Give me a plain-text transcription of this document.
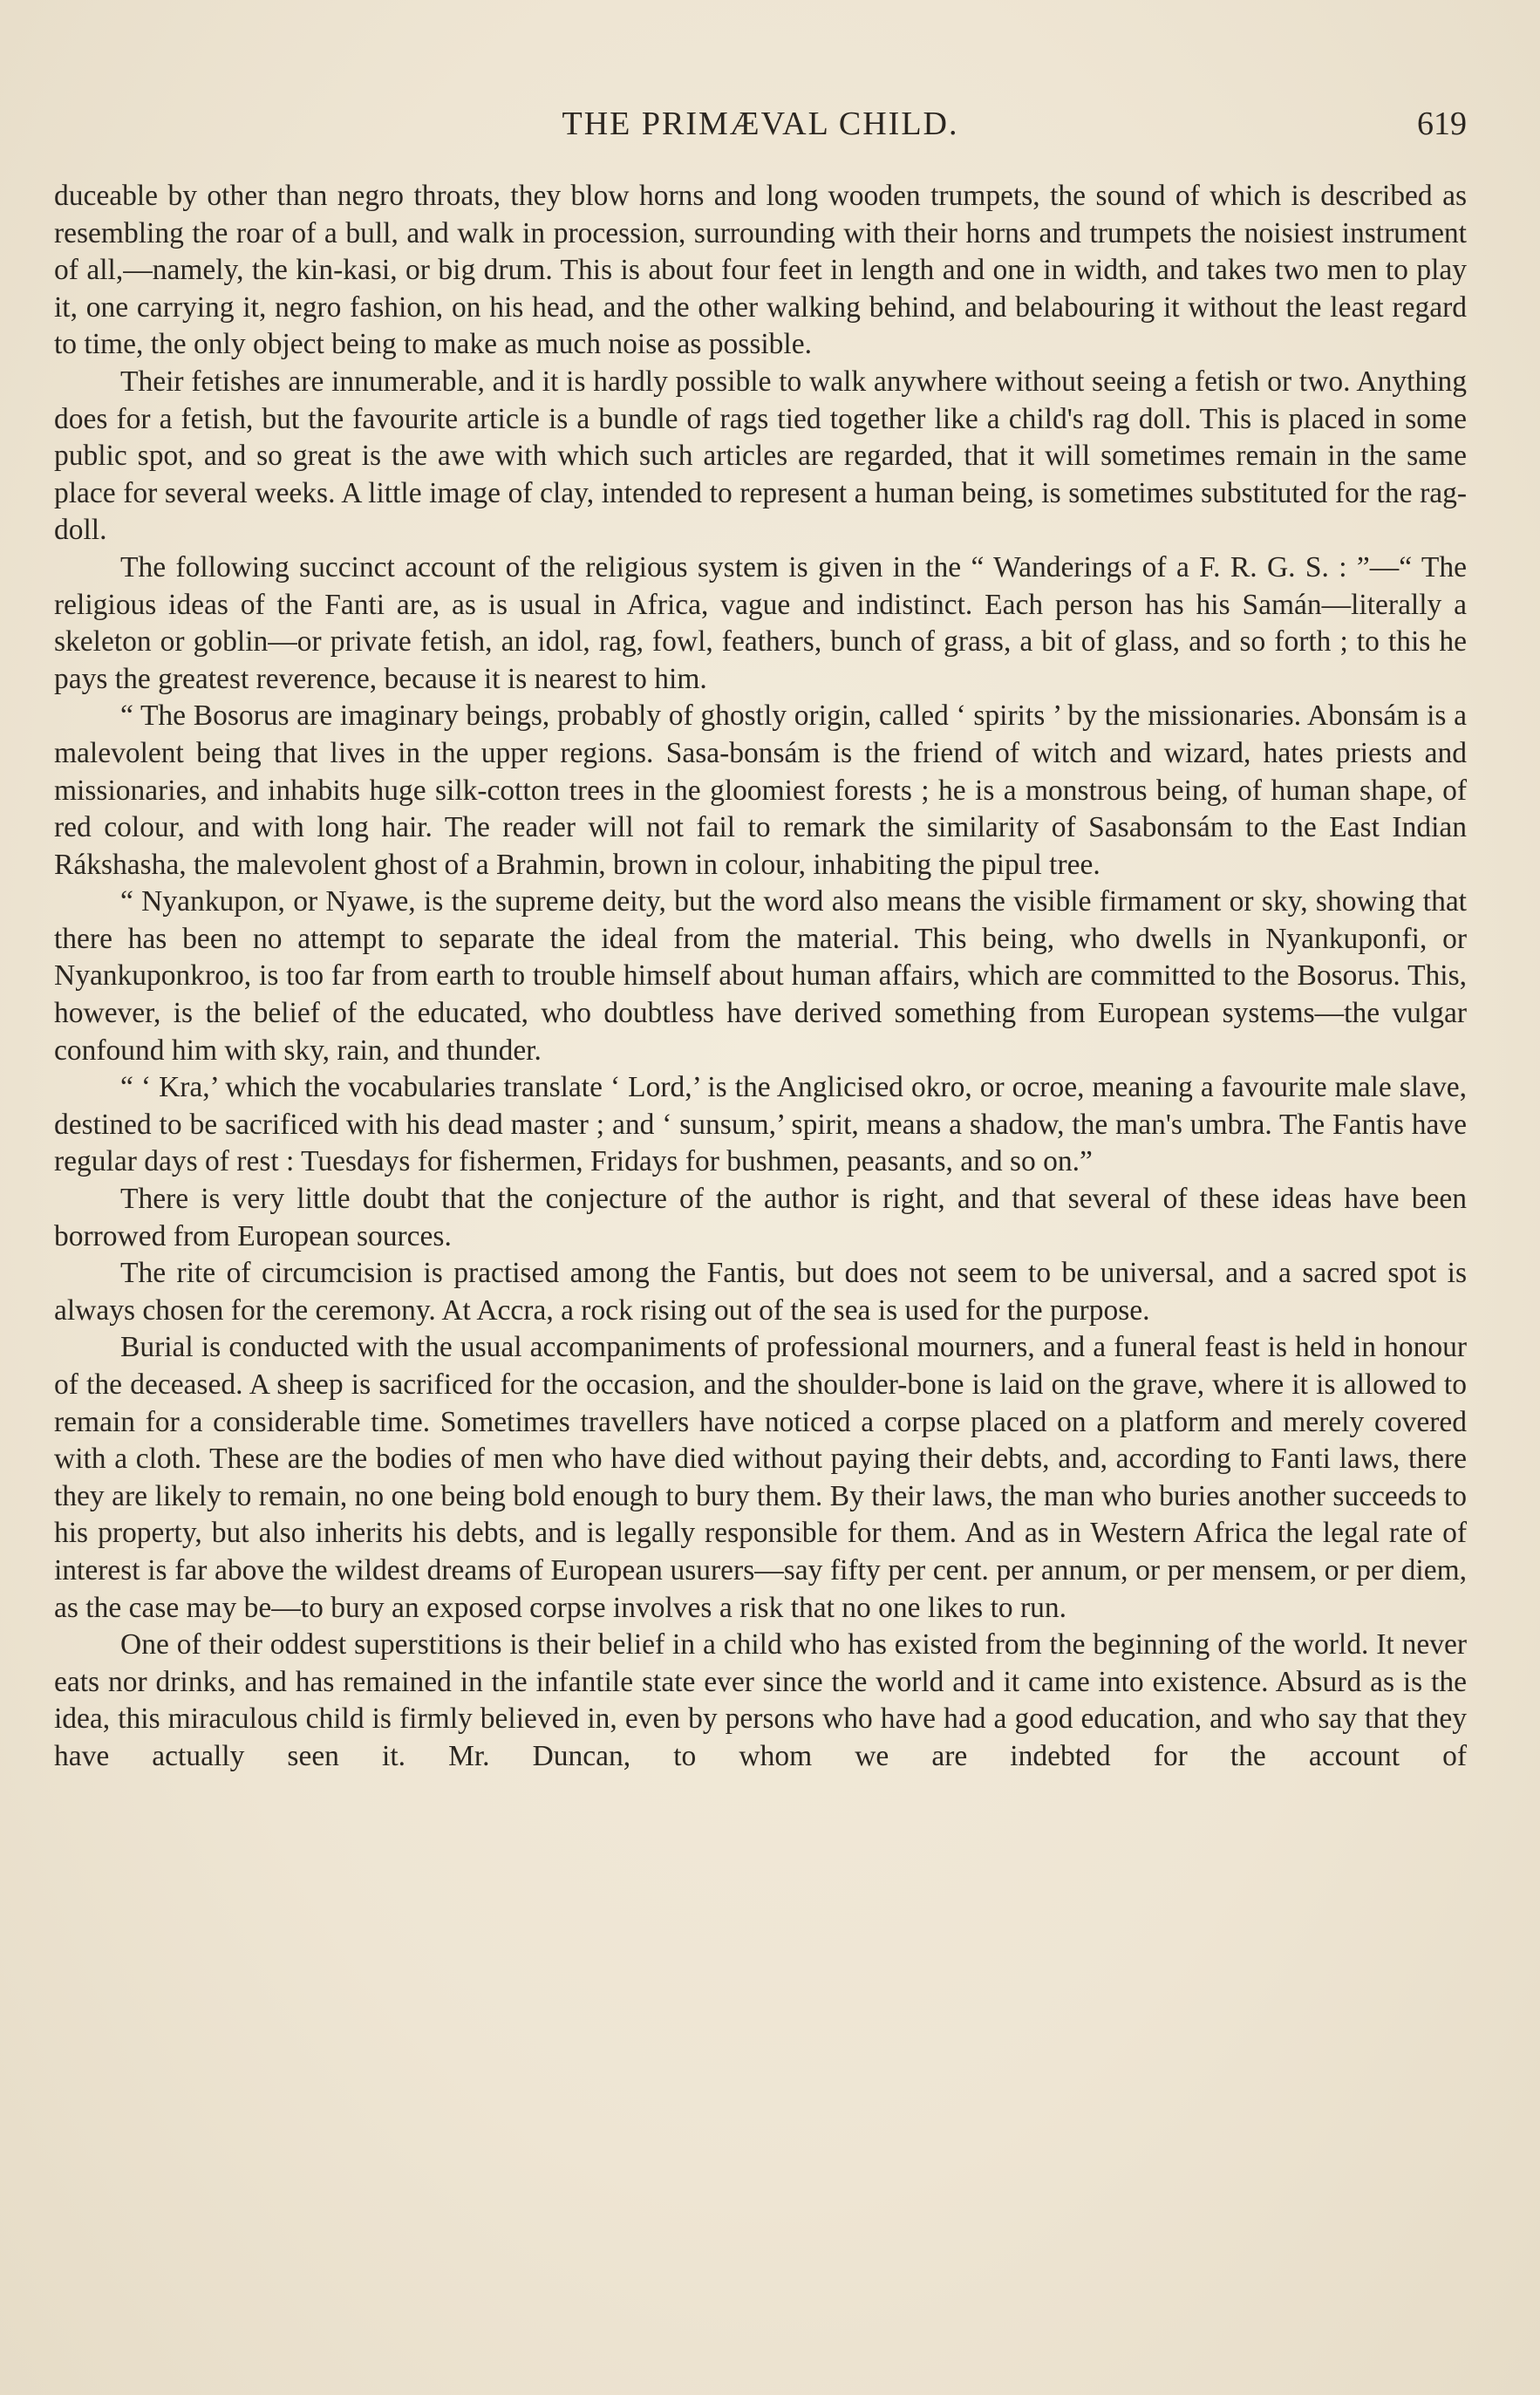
THE PRIMÆVAL CHILD.	619

duceable by other than negro throats, they blow horns and long wooden trumpets, the sound of which is described as resembling the roar of a bull, and walk in procession, surrounding with their horns and trumpets the noisiest instrument of all,—namely, the kin-kasi, or big drum. This is about four feet in length and one in width, and takes two men to play it, one carrying it, negro fashion, on his head, and the other walking behind, and belabouring it without the least regard to time, the only object being to make as much noise as possible.

Their fetishes are innumerable, and it is hardly possible to walk anywhere without seeing a fetish or two. Anything does for a fetish, but the favourite article is a bundle of rags tied together like a child's rag doll. This is placed in some public spot, and so great is the awe with which such articles are regarded, that it will sometimes remain in the same place for several weeks. A little image of clay, intended to represent a human being, is sometimes substituted for the rag-doll.

The following succinct account of the religious system is given in the “ Wanderings of a F. R. G. S. : ”—“ The religious ideas of the Fanti are, as is usual in Africa, vague and indistinct. Each person has his Samán—literally a skeleton or goblin—or private fetish, an idol, rag, fowl, feathers, bunch of grass, a bit of glass, and so forth ; to this he pays the greatest reverence, because it is nearest to him.

“ The Bosorus are imaginary beings, probably of ghostly origin, called ‘ spirits ’ by the missionaries. Abonsám is a malevolent being that lives in the upper regions. Sasa-bonsám is the friend of witch and wizard, hates priests and missionaries, and inhabits huge silk-cotton trees in the gloomiest forests ; he is a monstrous being, of human shape, of red colour, and with long hair. The reader will not fail to remark the similarity of Sasabonsám to the East Indian Rákshasha, the malevolent ghost of a Brahmin, brown in colour, inhabiting the pipul tree.

“ Nyankupon, or Nyawe, is the supreme deity, but the word also means the visible firmament or sky, showing that there has been no attempt to separate the ideal from the material. This being, who dwells in Nyankuponfi, or Nyankuponkroo, is too far from earth to trouble himself about human affairs, which are committed to the Bosorus. This, however, is the belief of the educated, who doubtless have derived something from European systems—the vulgar confound him with sky, rain, and thunder.

“ ‘ Kra,’ which the vocabularies translate ‘ Lord,’ is the Anglicised okro, or ocroe, meaning a favourite male slave, destined to be sacrificed with his dead master ; and ‘ sunsum,’ spirit, means a shadow, the man's umbra. The Fantis have regular days of rest : Tuesdays for fishermen, Fridays for bushmen, peasants, and so on.”

There is very little doubt that the conjecture of the author is right, and that several of these ideas have been borrowed from European sources.

The rite of circumcision is practised among the Fantis, but does not seem to be universal, and a sacred spot is always chosen for the ceremony. At Accra, a rock rising out of the sea is used for the purpose.

Burial is conducted with the usual accompaniments of professional mourners, and a funeral feast is held in honour of the deceased. A sheep is sacrificed for the occasion, and the shoulder-bone is laid on the grave, where it is allowed to remain for a considerable time. Sometimes travellers have noticed a corpse placed on a platform and merely covered with a cloth. These are the bodies of men who have died without paying their debts, and, according to Fanti laws, there they are likely to remain, no one being bold enough to bury them. By their laws, the man who buries another succeeds to his property, but also inherits his debts, and is legally responsible for them. And as in Western Africa the legal rate of interest is far above the wildest dreams of European usurers—say fifty per cent. per annum, or per mensem, or per diem, as the case may be—to bury an exposed corpse involves a risk that no one likes to run.

One of their oddest superstitions is their belief in a child who has existed from the beginning of the world. It never eats nor drinks, and has remained in the infantile state ever since the world and it came into existence. Absurd as is the idea, this miraculous child is firmly believed in, even by persons who have had a good education, and who say that they have actually seen it. Mr. Duncan, to whom we are indebted for the account of
